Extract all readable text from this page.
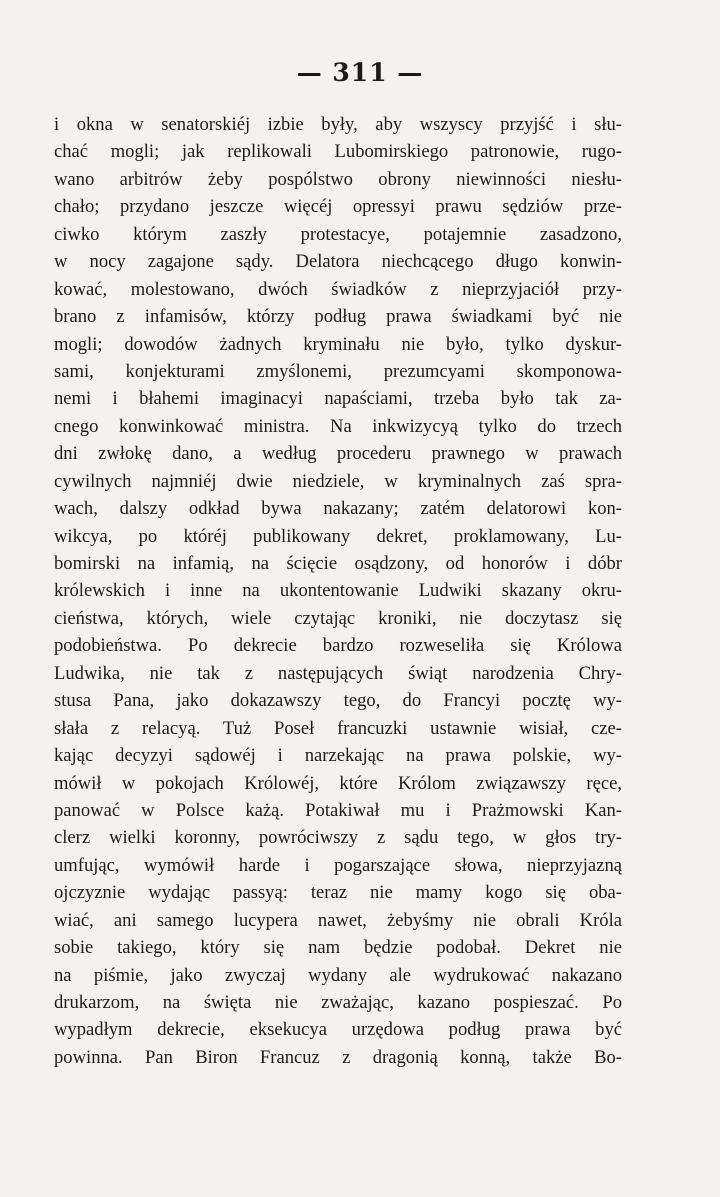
— 311 —
i okna w senatorskiéj izbie były, aby wszyscy przyjść i słu-
chać mogli; jak replikowali Lubomirskiego patronowie, rugo-
wano arbitrów żeby pospólstwo obrony niewinności niesłu-
chało; przydano jeszcze więcéj opressyi prawu sędziów prze-
ciwko którym zaszły protestacye, potajemnie zasadzono,
w nocy zagajone sądy. Delatora niechcącego długo konwin-
kować, molestowano, dwóch świadków z nieprzyjaciół przy-
brano z infamisów, którzy podług prawa świadkami być nie
mogli; dowodów żadnych kryminału nie było, tylko dyskur-
sami, konjekturami zmyślonemi, prezumcyami skomponowa-
nemi i błahemi imaginacyi napaściami, trzeba było tak za-
cnego konwinkować ministra. Na inkwizycyą tylko do trzech
dni zwłokę dano, a według procederu prawnego w prawach
cywilnych najmniéj dwie niedziele, w kryminalnych zaś spra-
wach, dalszy odkład bywa nakazany; zatém delatorowi kon-
wikcya, po któréj publikowany dekret, proklamowany, Lu-
bomirski na infamią, na ścięcie osądzony, od honorów i dóbr
królewskich i inne na ukontentowanie Ludwiki skazany okru-
cieństwa, których, wiele czytając kroniki, nie doczytasz się
podobieństwa. Po dekrecie bardzo rozweseliła się Królowa
Ludwika, nie tak z następujących świąt narodzenia Chry-
stusa Pana, jako dokazawszy tego, do Francyi pocztę wy-
słała z relacyą. Tuż Poseł francuzki ustawnie wisiał, cze-
kając decyzyi sądowéj i narzekając na prawa polskie, wy-
mówił w pokojach Królowéj, które Królom związawszy ręce,
panować w Polsce każą. Potakiwał mu i Prażmowski Kan-
clerz wielki koronny, powróciwszy z sądu tego, w głos try-
umfując, wymówił harde i pogarszające słowa, nieprzyjazną
ojczyznie wydając passyą: teraz nie mamy kogo się oba-
wiać, ani samego lucypera nawet, żebyśmy nie obrali Króla
sobie takiego, który się nam będzie podobał. Dekret nie
na piśmie, jako zwyczaj wydany ale wydrukować nakazano
drukarzom, na święta nie zważając, kazano pospieszać. Po
wypadłym dekrecie, eksekucya urzędowa podług prawa być
powinna. Pan Biron Francuz z dragonią konną, także Bo-
